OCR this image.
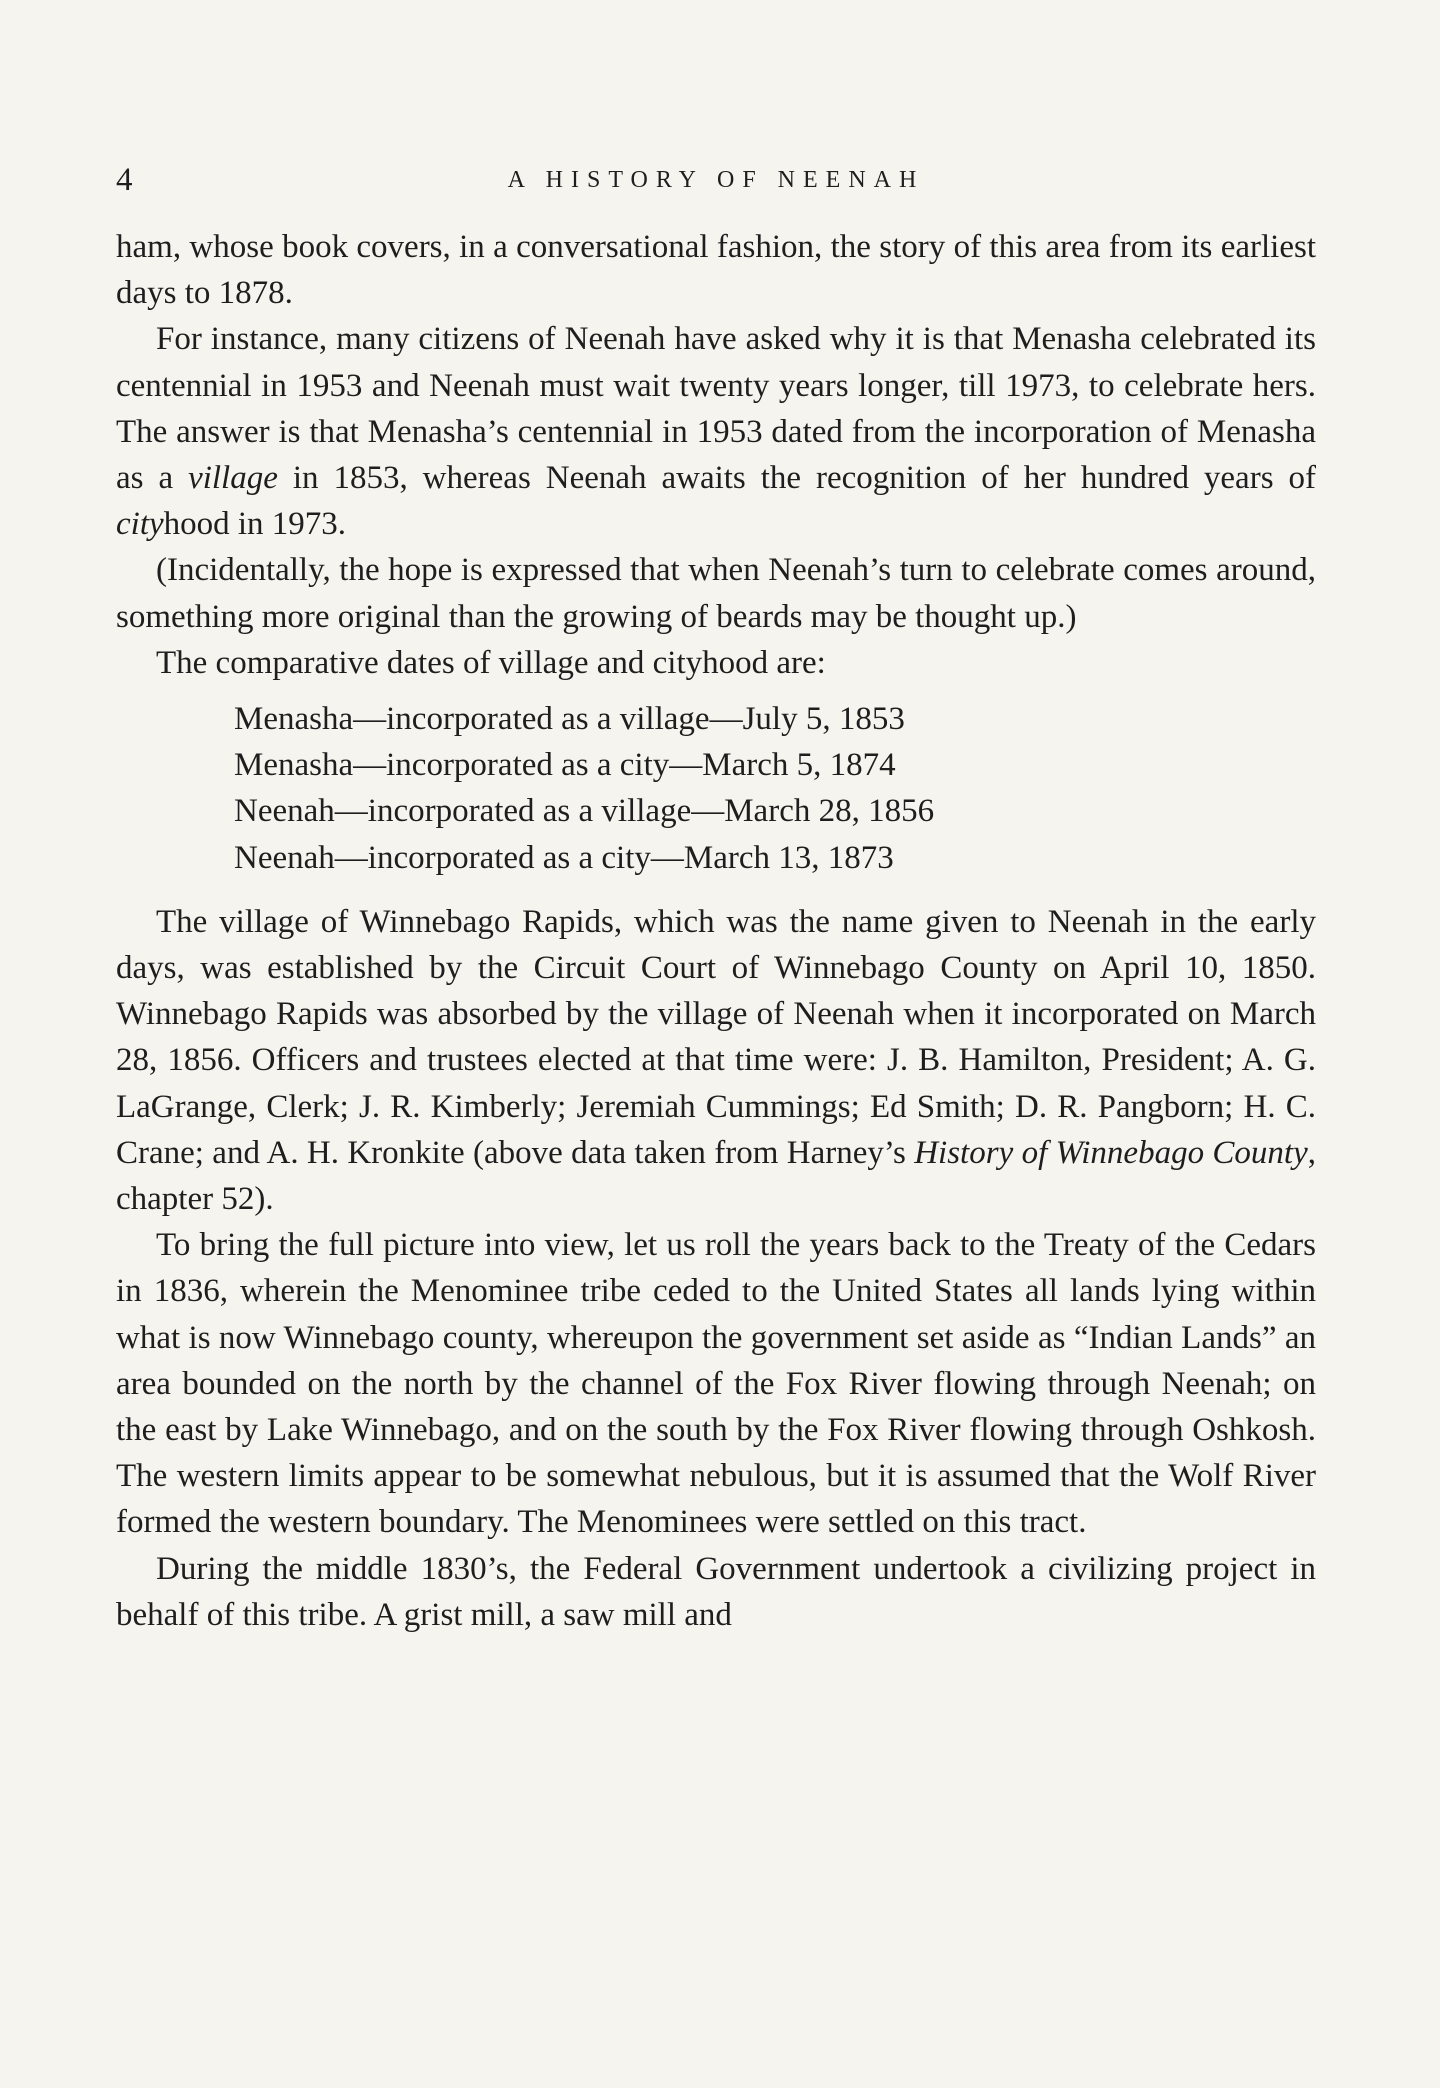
4	A HISTORY OF NEENAH

ham, whose book covers, in a conversational fashion, the story of this area from its earliest days to 1878.

For instance, many citizens of Neenah have asked why it is that Menasha celebrated its centennial in 1953 and Neenah must wait twenty years longer, till 1973, to celebrate hers. The answer is that Menasha’s centennial in 1953 dated from the incorporation of Menasha as a village in 1853, whereas Neenah awaits the recognition of her hundred years of cityhood in 1973.

(Incidentally, the hope is expressed that when Neenah’s turn to celebrate comes around, something more original than the growing of beards may be thought up.)

The comparative dates of village and cityhood are:

Menasha—incorporated as a village—July 5, 1853
Menasha—incorporated as a city—March 5, 1874
Neenah—incorporated as a village—March 28, 1856
Neenah—incorporated as a city—March 13, 1873

The village of Winnebago Rapids, which was the name given to Neenah in the early days, was established by the Circuit Court of Winnebago County on April 10, 1850. Winnebago Rapids was absorbed by the village of Neenah when it incorporated on March 28, 1856. Officers and trustees elected at that time were: J. B. Hamilton, President; A. G. LaGrange, Clerk; J. R. Kimberly; Jeremiah Cummings; Ed Smith; D. R. Pangborn; H. C. Crane; and A. H. Kronkite (above data taken from Harney’s History of Winnebago County, chapter 52).

To bring the full picture into view, let us roll the years back to the Treaty of the Cedars in 1836, wherein the Menominee tribe ceded to the United States all lands lying within what is now Winnebago county, whereupon the government set aside as “Indian Lands” an area bounded on the north by the channel of the Fox River flowing through Neenah; on the east by Lake Winnebago, and on the south by the Fox River flowing through Oshkosh. The western limits appear to be somewhat nebulous, but it is assumed that the Wolf River formed the western boundary. The Menominees were settled on this tract.

During the middle 1830’s, the Federal Government undertook a civilizing project in behalf of this tribe. A grist mill, a saw mill and
